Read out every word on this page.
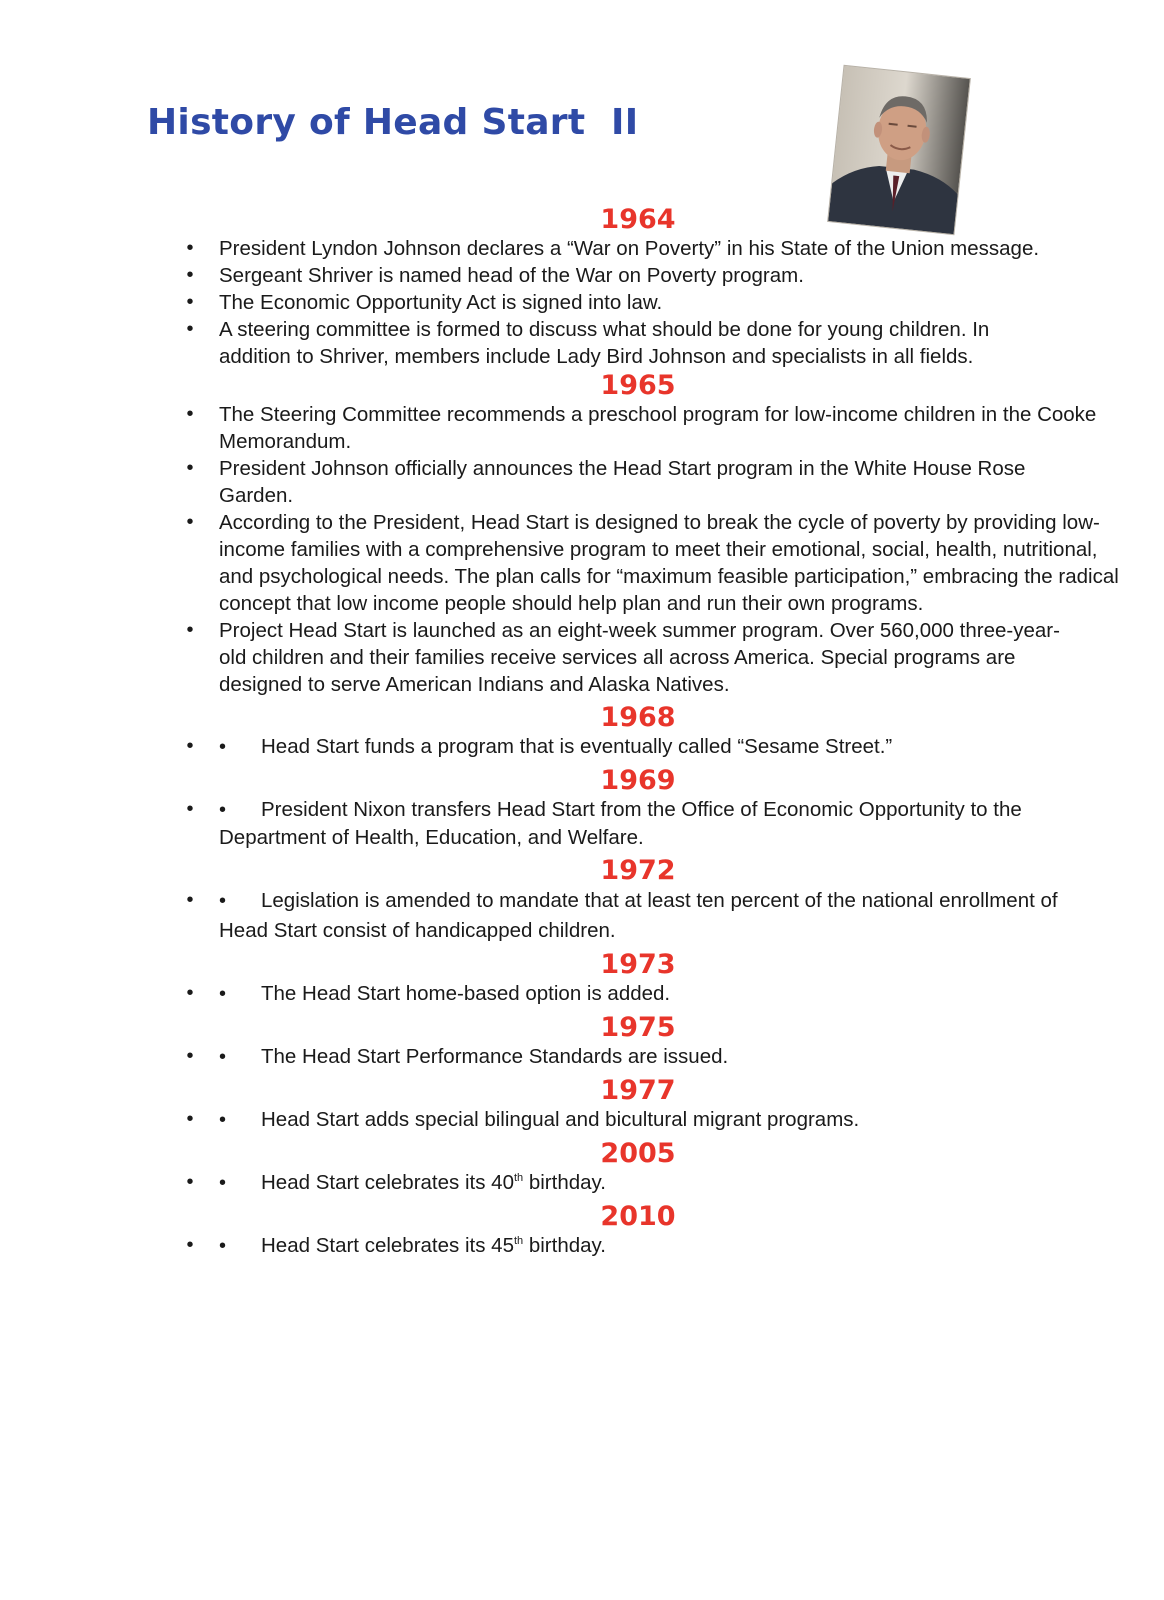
History of Head Start  II
1964
• President Lyndon Johnson declares a “War on Poverty” in his State of the Union message.
• Sergeant Shriver is named head of the War on Poverty program.
• The Economic Opportunity Act is signed into law.
• A steering committee is formed to discuss what should be done for young children. In addition to Shriver, members include Lady Bird Johnson and specialists in all fields.
1965
• The Steering Committee recommends a preschool program for low-income children in the Cooke Memorandum.
• President Johnson officially announces the Head Start program in the White House Rose Garden.
• According to the President, Head Start is designed to break the cycle of poverty by providing low-income families with a comprehensive program to meet their emotional, social, health, nutritional, and psychological needs. The plan calls for “maximum feasible participation,” embracing the radical concept that low income people should help plan and run their own programs.
• Project Head Start is launched as an eight-week summer program. Over 560,000 three-year-old children and their families receive services all across America. Special programs are designed to serve American Indians and Alaska Natives.
1968
• • Head Start funds a program that is eventually called “Sesame Street.”
1969
• • President Nixon transfers Head Start from the Office of Economic Opportunity to the Department of Health, Education, and Welfare.
1972
• • Legislation is amended to mandate that at least ten percent of the national enrollment of Head Start consist of handicapped children.
1973
• • The Head Start home-based option is added.
1975
• • The Head Start Performance Standards are issued.
1977
• • Head Start adds special bilingual and bicultural migrant programs.
2005
• • Head Start celebrates its 40th birthday.
2010
• • Head Start celebrates its 45th birthday.
